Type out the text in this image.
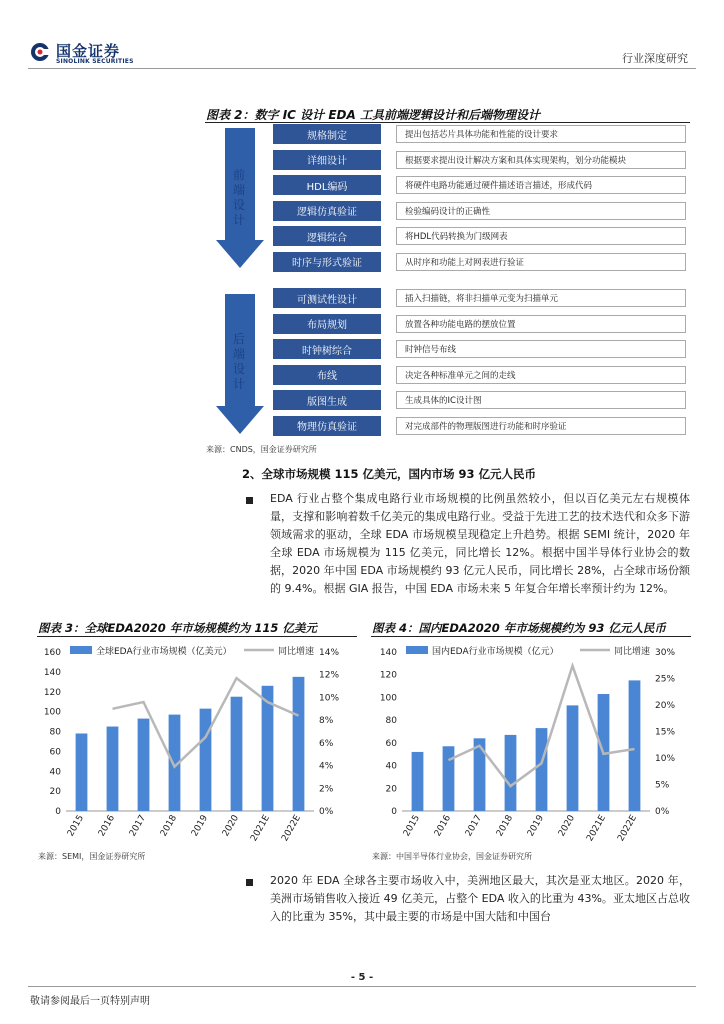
国金证券
SINOLINK SECURITIES	行业深度研究
图表 2：数字 IC 设计 EDA 工具前端逻辑设计和后端物理设计
前
端
设
计
后
端
设
计
规格制定	提出包括芯片具体功能和性能的设计要求
详细设计	根据要求提出设计解决方案和具体实现架构，划分功能模块
HDL编码	将硬件电路功能通过硬件描述语言描述，形成代码
逻辑仿真验证	检验编码设计的正确性
逻辑综合	将HDL代码转换为门级网表
时序与形式验证	从时序和功能上对网表进行验证
可测试性设计	插入扫描链，将非扫描单元变为扫描单元
布局规划	放置各种功能电路的摆放位置
时钟树综合	时钟信号布线
布线	决定各种标准单元之间的走线
版图生成	生成具体的IC设计图
物理仿真验证	对完成部件的物理版图进行功能和时序验证
来源：CNDS，国金证券研究所
2、全球市场规模 115 亿美元，国内市场 93 亿元人民币
EDA 行业占整个集成电路行业市场规模的比例虽然较小，但以百亿美元左右规模体量，支撑和影响着数千亿美元的集成电路行业。受益于先进工艺的技术迭代和众多下游领域需求的驱动，全球 EDA 市场规模呈现稳定上升趋势。根据 SEMI 统计，2020 年全球 EDA 市场规模为 115 亿美元，同比增长 12%。根据中国半导体行业协会的数据，2020 年中国 EDA 市场规模约 93 亿元人民币，同比增长 28%，占全球市场份额的 9.4%。根据 GIA 报告，中国 EDA 市场未来 5 年复合年增长率预计约为 12%。
图表 3：全球EDA2020 年市场规模约为 115 亿美元
0
20
40
60
80
100
120
140
160
0%
2%
4%
6%
8%
10%
12%
14%
2015 2016 2017 2018 2019 2020 2021E 2022E
全球EDA行业市场规模（亿美元）	同比增速
来源：SEMI，国金证券研究所
图表 4：国内EDA2020 年市场规模约为 93 亿元人民币
0
20
40
60
80
100
120
140
0%
5%
10%
15%
20%
25%
30%
2015 2016 2017 2018 2019 2020 2021E 2022E
国内EDA行业市场规模（亿元）	同比增速
来源：中国半导体行业协会，国金证券研究所
2020 年 EDA 全球各主要市场收入中，美洲地区最大，其次是亚太地区。2020 年，美洲市场销售收入接近 49 亿美元，占整个 EDA 收入的比重为 43%。亚太地区占总收入的比重为 35%，其中最主要的市场是中国大陆和中国台
- 5 -
敬请参阅最后一页特别声明
